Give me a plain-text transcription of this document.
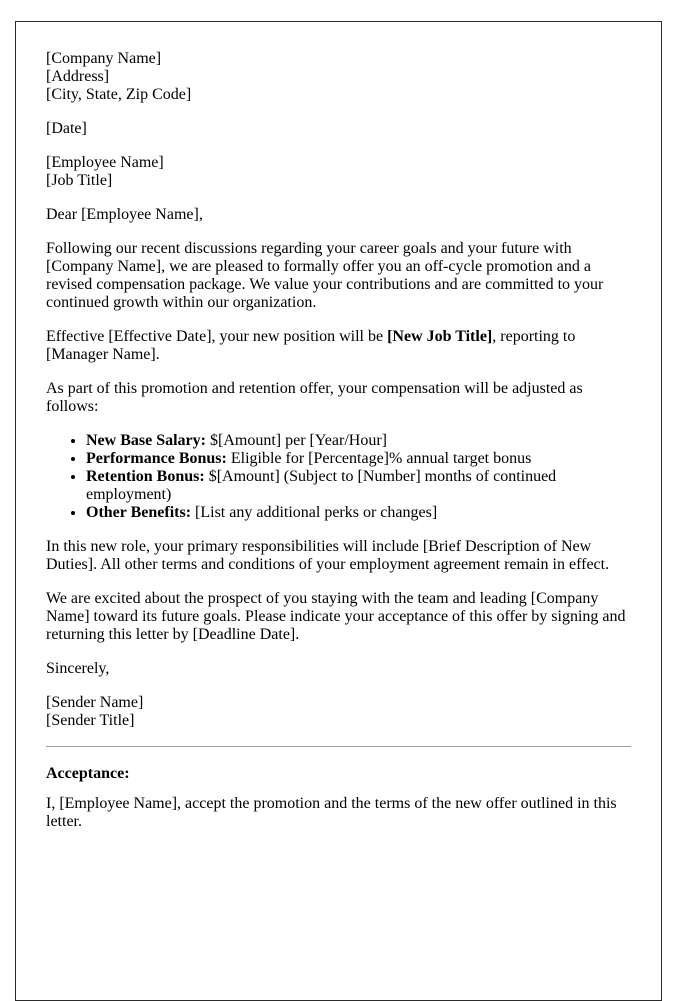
[Company Name]
[Address]
[City, State, Zip Code]

[Date]

[Employee Name]
[Job Title]

Dear [Employee Name],

Following our recent discussions regarding your career goals and your future with [Company Name], we are pleased to formally offer you an off-cycle promotion and a revised compensation package. We value your contributions and are committed to your continued growth within our organization.

Effective [Effective Date], your new position will be [New Job Title], reporting to [Manager Name].

As part of this promotion and retention offer, your compensation will be adjusted as follows:

• New Base Salary: $[Amount] per [Year/Hour]
• Performance Bonus: Eligible for [Percentage]% annual target bonus
• Retention Bonus: $[Amount] (Subject to [Number] months of continued employment)
• Other Benefits: [List any additional perks or changes]

In this new role, your primary responsibilities will include [Brief Description of New Duties]. All other terms and conditions of your employment agreement remain in effect.

We are excited about the prospect of you staying with the team and leading [Company Name] toward its future goals. Please indicate your acceptance of this offer by signing and returning this letter by [Deadline Date].

Sincerely,

[Sender Name]
[Sender Title]

Acceptance:

I, [Employee Name], accept the promotion and the terms of the new offer outlined in this letter.
